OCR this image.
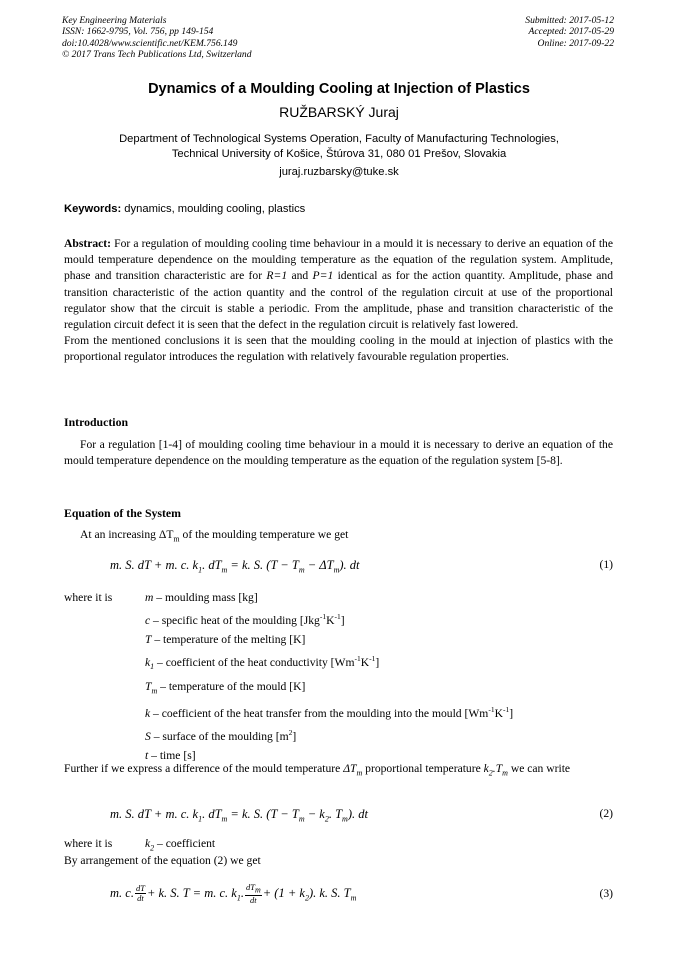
Key Engineering Materials
ISSN: 1662-9795, Vol. 756, pp 149-154
doi:10.4028/www.scientific.net/KEM.756.149
© 2017 Trans Tech Publications Ltd, Switzerland
Submitted: 2017-05-12
Accepted: 2017-05-29
Online: 2017-09-22
Dynamics of a Moulding Cooling at Injection of Plastics
RUŽBARSKÝ Juraj
Department of Technological Systems Operation, Faculty of Manufacturing Technologies,
Technical University of Košice, Štúrova 31, 080 01 Prešov, Slovakia
juraj.ruzbarsky@tuke.sk
Keywords: dynamics, moulding cooling, plastics
Abstract: For a regulation of moulding cooling time behaviour in a mould it is necessary to derive an equation of the mould temperature dependence on the moulding temperature as the equation of the regulation system. Amplitude, phase and transition characteristic are for R=1 and P=1 identical as for the action quantity. Amplitude, phase and transition characteristic of the action quantity and the control of the regulation circuit at use of the proportional regulator show that the circuit is stable a periodic. From the amplitude, phase and transition characteristic of the regulation circuit defect it is seen that the defect in the regulation circuit is relatively fast lowered.
From the mentioned conclusions it is seen that the moulding cooling in the mould at injection of plastics with the proportional regulator introduces the regulation with relatively favourable regulation properties.
Introduction
For a regulation [1-4] of moulding cooling time behaviour in a mould it is necessary to derive an equation of the mould temperature dependence on the moulding temperature as the equation of the regulation system [5-8].
Equation of the System
At an increasing $\Delta T_m$ of the moulding temperature we get
m. S. dT + m. c. $k_1$. $dT_m = k$. S. $(T - T_m - \Delta T_m)$. dt	(1)
where it is	m – moulding mass [kg]
c – specific heat of the moulding $[Jkg^{-1}K^{-1}]$
T – temperature of the melting [K]
$k_1$ – coefficient of the heat conductivity $[Wm^{-1}K^{-1}]$
$T_m$ – temperature of the mould [K]
k – coefficient of the heat transfer from the moulding into the mould $[Wm^{-1}K^{-1}]$
S – surface of the moulding $[m^2]$
t – time [s]
Further if we express a difference of the mould temperature $\Delta T_m$ proportional temperature $k_2.T_m$ we can write
m. S. dT + m. c. $k_1$. $dT_m = k$. S. ($T - T_m - k_2$. $T_m$). dt	(2)
where it is	$k_2$ – coefficient
By arrangement of the equation (2) we get
m. c. $\frac{dT}{dt} + k$. S. T = m. c. $k_1$. $\frac{dT_m}{dt} + (1 + k_2)$. k. S. $T_m$	(3)
